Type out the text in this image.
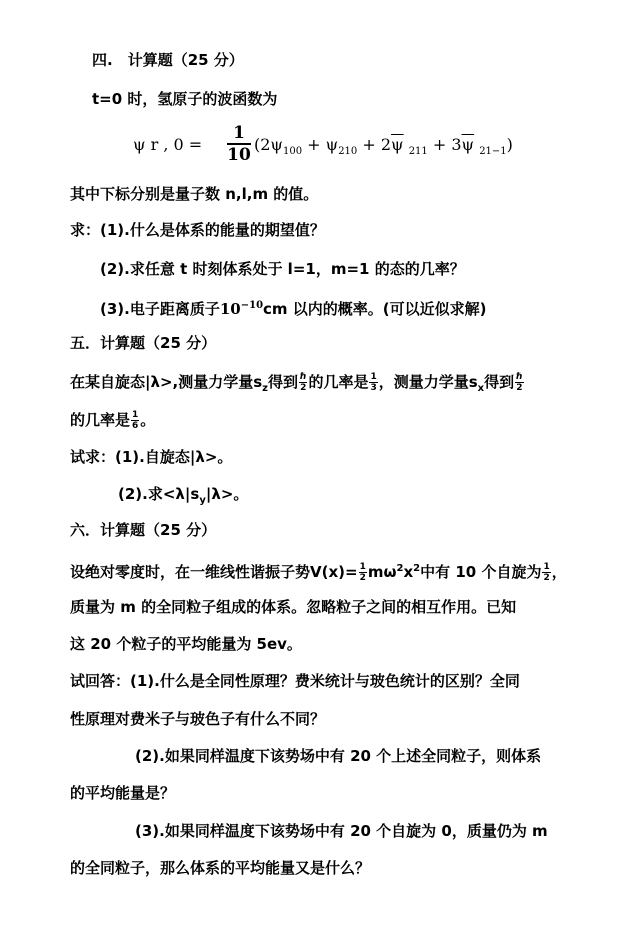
四.　计算题（25 分）
t=0 时，氢原子的波函数为
ψ r , 0 =
1
10
($2\psi_{100} + \psi_{210} + 2\overline{\psi}$ $_{211} + 3\overline{\psi}$ $_{21-1}$)
其中下标分别是量子数 n,l,m 的值。
求：(1).什么是体系的能量的期望值？
(2).求任意 t 时刻体系处于 l=1，m=1 的态的几率？
(3).电子距离质子$10^{-10}cm$ 以内的概率。(可以近似求解)
五．计算题（25 分）
在某自旋态|λ>,测量力学量$s_z$得到 $\frac{\text{ℏ}}{2}$ 的几率是 $\frac{1}{3}$ ，测量力学量$s_x$得到 $\frac{\text{ℏ}}{2}$
的几率是 $\frac{1}{6}$ 。
试求：(1).自旋态|λ>。
(2).求$<\lambda|s_y|\lambda>$。
六．计算题（25 分）
设绝对零度时，在一维线性谐振子势$V(x)= \frac{1}{2} m\omega^2x^2$中有 10 个自旋为 $\frac{1}{2}$ ，
质量为 m 的全同粒子组成的体系。忽略粒子之间的相互作用。已知
这 20 个粒子的平均能量为 5ev。
试回答：(1).什么是全同性原理？费米统计与玻色统计的区别？全同
性原理对费米子与玻色子有什么不同？
(2).如果同样温度下该势场中有 20 个上述全同粒子，则体系
的平均能量是？
(3).如果同样温度下该势场中有 20 个自旋为 0，质量仍为 m
的全同粒子，那么体系的平均能量又是什么？
